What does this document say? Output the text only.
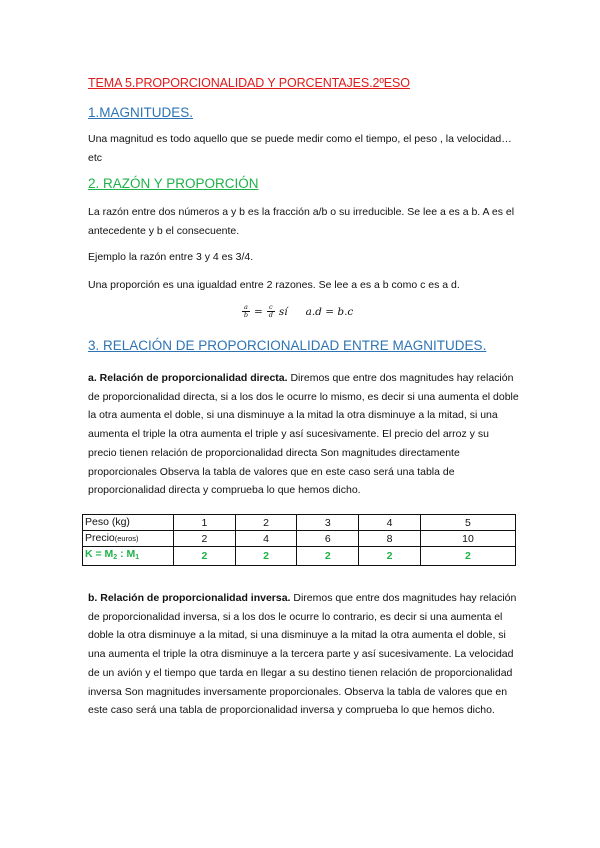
TEMA 5.PROPORCIONALIDAD Y PORCENTAJES.2ºESO

1.MAGNITUDES.

Una magnitud es todo aquello que se puede medir como el tiempo, el peso , la velocidad…etc

2. RAZÓN Y PROPORCIÓN

La razón entre dos números a y b es la fracción a/b o su irreducible. Se lee a es a b. A es el antecedente y b el consecuente.

Ejemplo la razón entre 3 y 4 es 3/4.

Una proporción es una igualdad entre 2 razones. Se lee a es a b como c es a d.

$\frac{a}{b} = \frac{c}{d}$ sí a.d = b.c

3. RELACIÓN DE PROPORCIONALIDAD ENTRE MAGNITUDES.

a. Relación de proporcionalidad directa. Diremos que entre dos magnitudes hay relación de proporcionalidad directa, si a los dos le ocurre lo mismo, es decir si una aumenta el doble la otra aumenta el doble, si una disminuye a la mitad la otra disminuye a la mitad, si una aumenta el triple la otra aumenta el triple y así sucesivamente. El precio del arroz y su precio tienen relación de proporcionalidad directa Son magnitudes directamente proporcionales Observa la tabla de valores que en este caso será una tabla de proporcionalidad directa y comprueba lo que hemos dicho.

Peso (kg)	1	2	3	4	5
Precio(euros)	2	4	6	8	10
$K = M_2$ : $M_1$	2	2	2	2	2

b. Relación de proporcionalidad inversa. Diremos que entre dos magnitudes hay relación de proporcionalidad inversa, si a los dos le ocurre lo contrario, es decir si una aumenta el doble la otra disminuye a la mitad, si una disminuye a la mitad la otra aumenta el doble, si una aumenta el triple la otra disminuye a la tercera parte y así sucesivamente. La velocidad de un avión y el tiempo que tarda en llegar a su destino tienen relación de proporcionalidad inversa Son magnitudes inversamente proporcionales. Observa la tabla de valores que en este caso será una tabla de proporcionalidad inversa y comprueba lo que hemos dicho.
